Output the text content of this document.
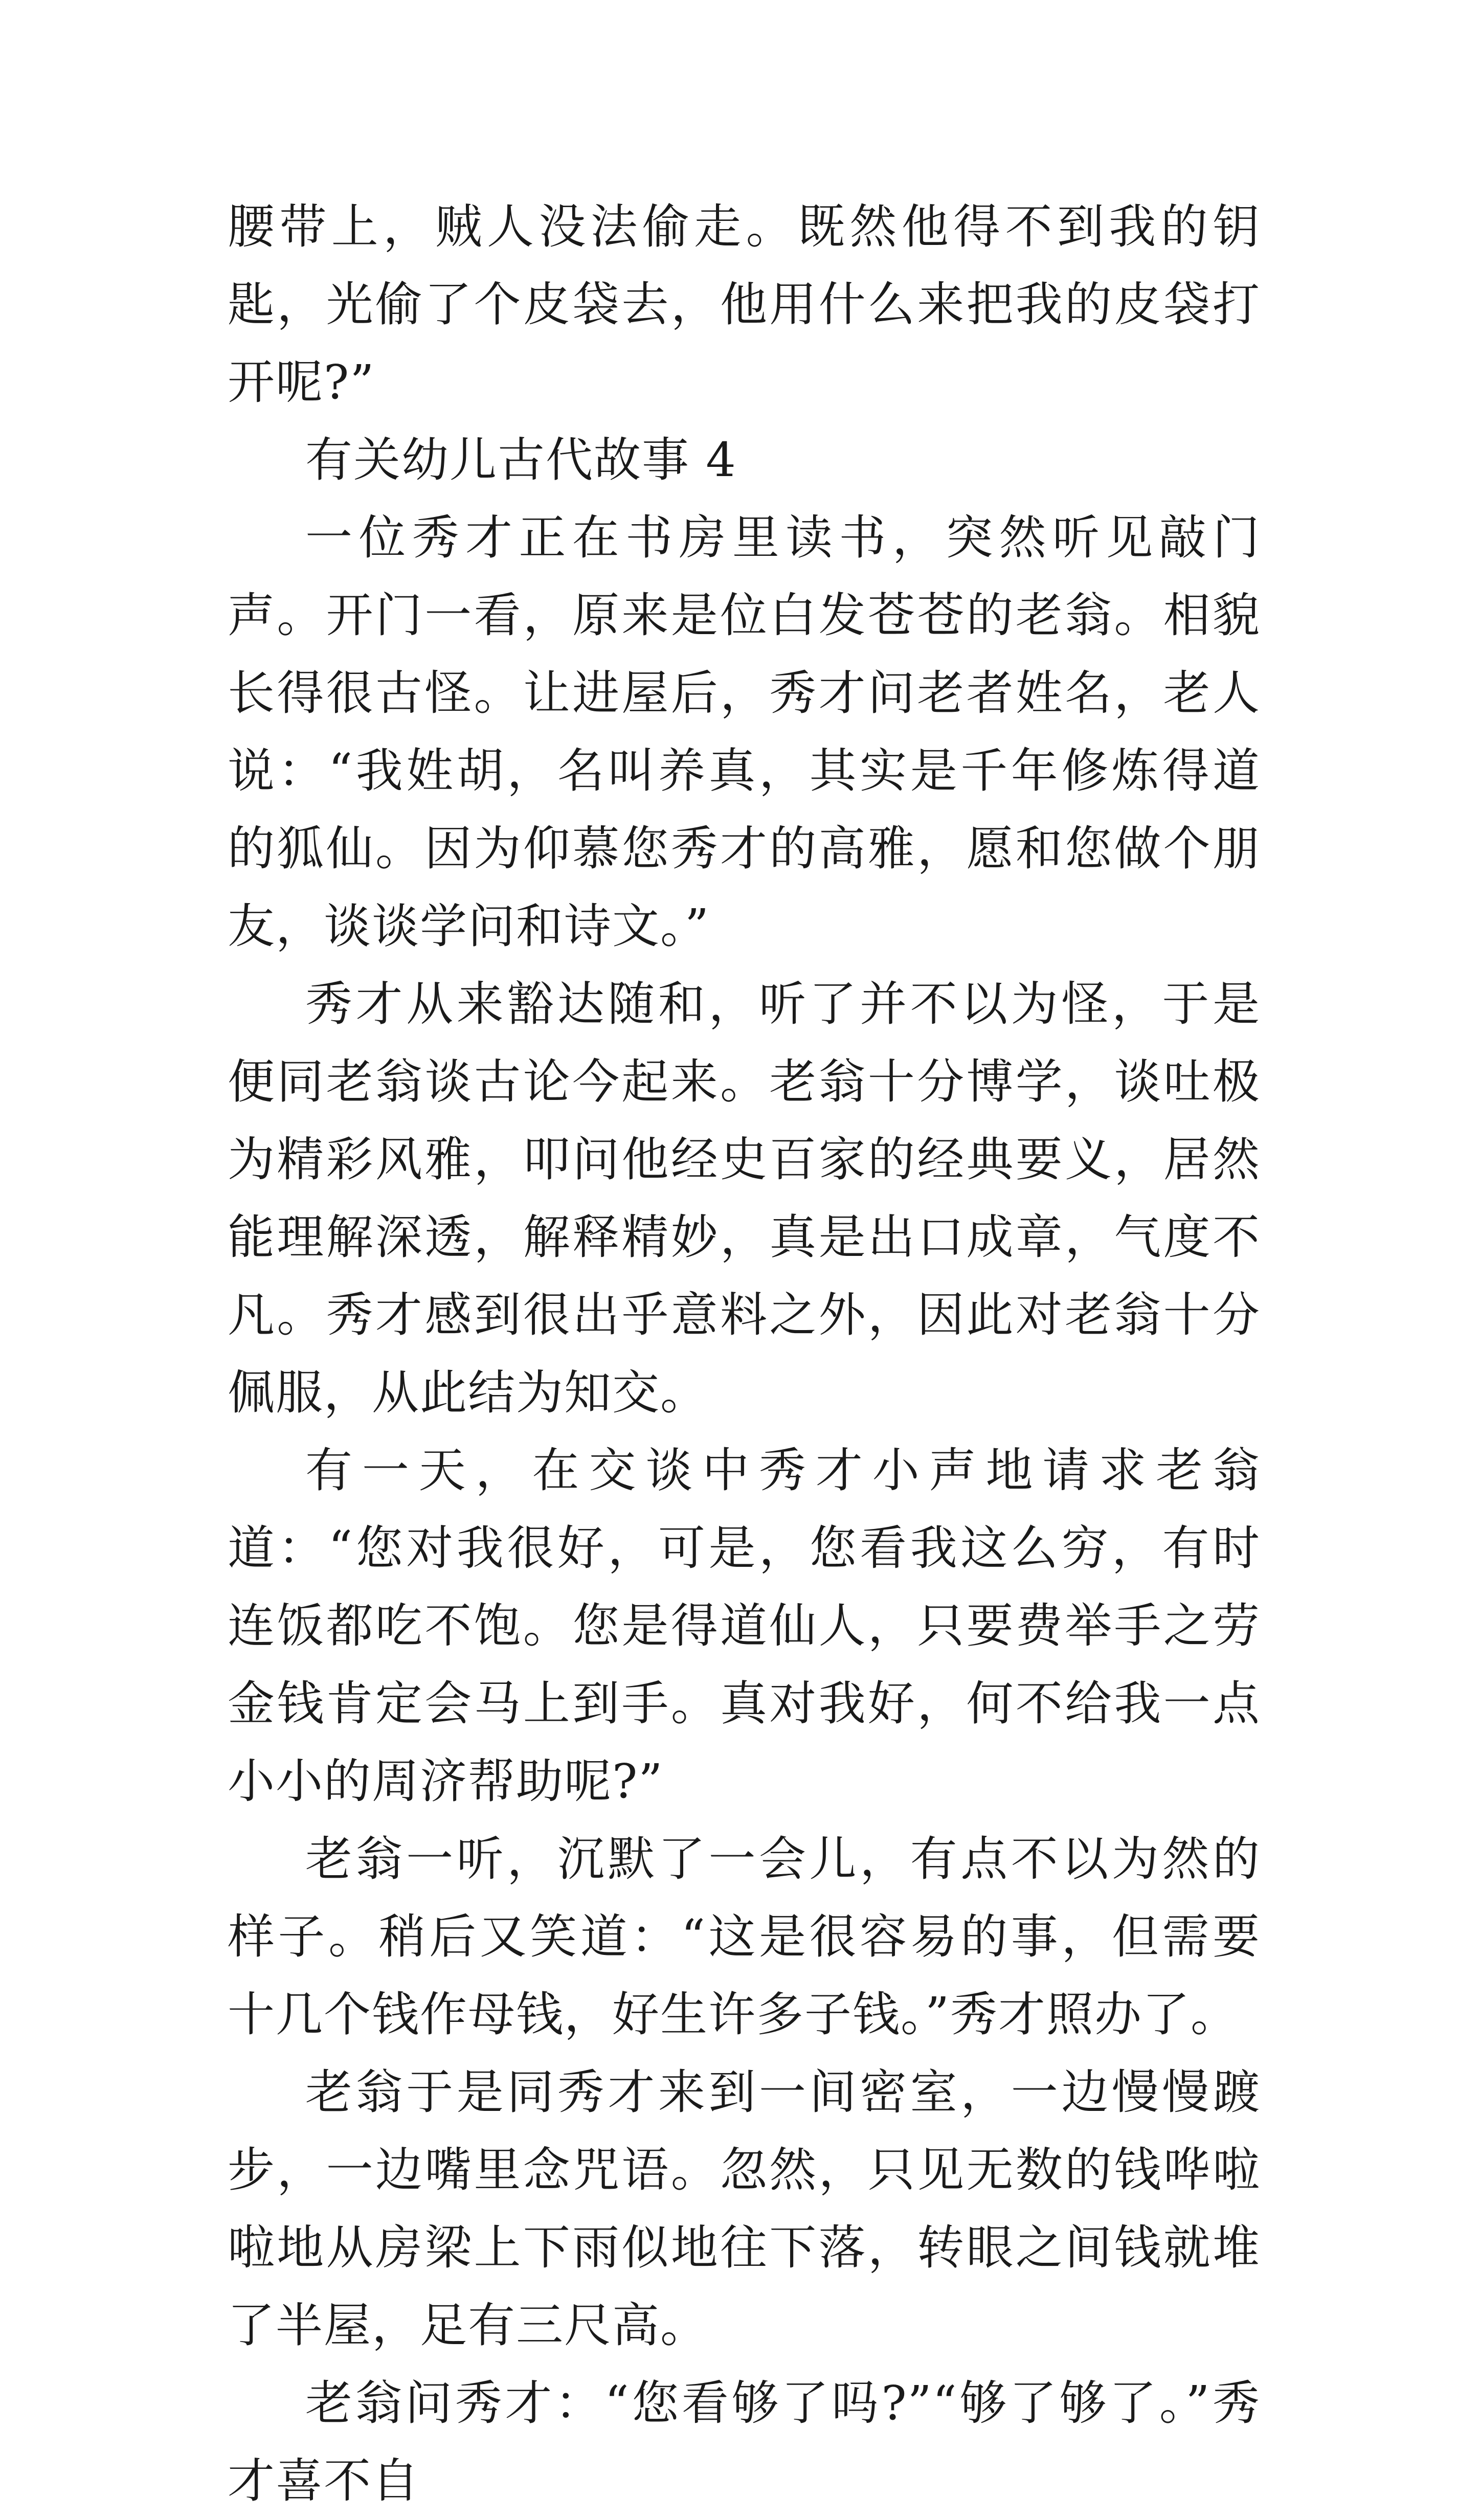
腰带上，贼人没法偷走。既然他得不到我的钥匙，光偷了个皮袋去，他用什么来把我的皮袋打开呢?”

有关幼儿古代故事 4

一位秀才正在书房里读书，突然听见敲门声。开门一看，原来是位白发苍苍的老翁。相貌长得很古怪。让进屋后，秀才问老者姓名，老人说：“我姓胡，名叫养真，其实是千年修炼得道的狐仙。因为仰慕您秀才的高雅，愿和您做个朋友，谈谈学问和诗文。”

秀才从来豁达随和，听了并不以为怪，于是便同老翁谈古论今起来。老翁十分博学，谈吐极为精彩风雅，叩问他经史百家的经典要义，居然能理解深透，解释精妙，真是出口成章，气度不凡。秀才感到很出乎意料之外，因此对老翁十分佩服，从此结为知交。

有一天，在交谈中秀才小声地请求老翁道：“您对我很好，可是，您看我这么穷，有时连饭都吃不饱。您是得道仙人，只要费举手之劳金钱肯定会马上到手。真对我好，何不给我一点小小的周济帮助呢?”

老翁一听，沉默了一会儿，有点不以为然的样子。稍后又笑道：“这是很容易的事，但需要十几个钱作母钱，好生许多子钱。”秀才照办了。

老翁于是同秀才来到一间密室，一边慢慢踱步，一边嘴里念咒语。忽然，只见无数的钱哗啦啦地从房梁上下雨似地往下落，转眼之间钱就堆了半屋，足有三尺高。

老翁问秀才：“您看够了吗?”“够了够了。”秀才喜不自
